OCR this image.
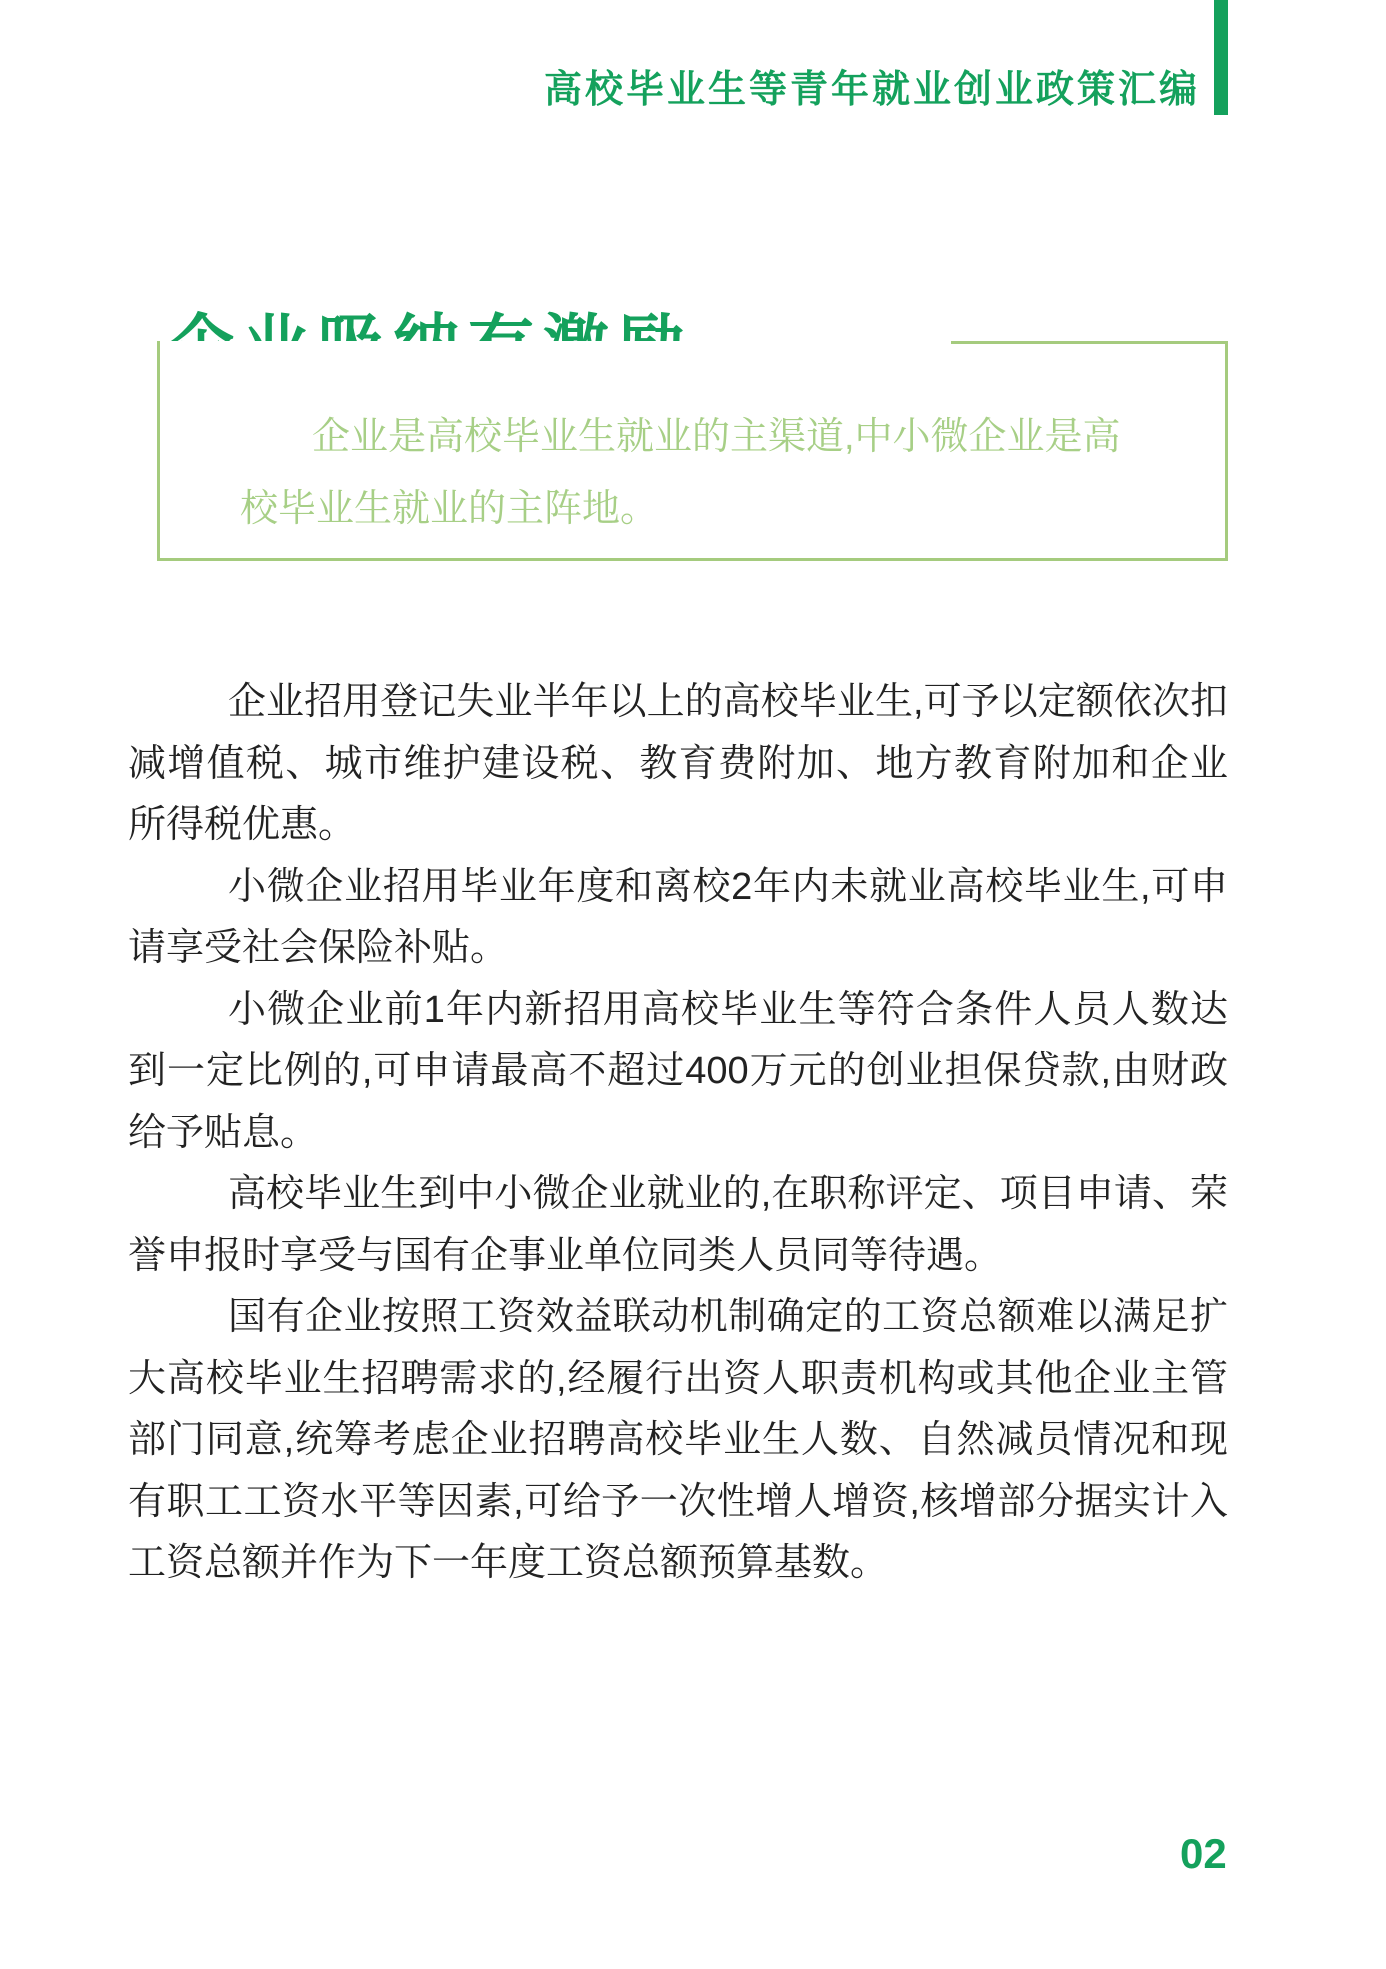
高校毕业生等青年就业创业政策汇编
企业是高校毕业生就业的主渠道,中小微企业是高
校毕业生就业的主阵地。

企业招用登记失业半年以上的高校毕业生,可予以定额依次扣减增值税、城市维护建设税、教育费附加、地方教育附加和企业所得税优惠。

小微企业招用毕业年度和离校2年内未就业高校毕业生,可申请享受社会保险补贴。

小微企业前1年内新招用高校毕业生等符合条件人员人数达到一定比例的,可申请最高不超过400万元的创业担保贷款,由财政给予贴息。

高校毕业生到中小微企业就业的,在职称评定、项目申请、荣誉申报时享受与国有企事业单位同类人员同等待遇。

国有企业按照工资效益联动机制确定的工资总额难以满足扩大高校毕业生招聘需求的,经履行出资人职责机构或其他企业主管部门同意,统筹考虑企业招聘高校毕业生人数、自然减员情况和现有职工工资水平等因素,可给予一次性增人增资,核增部分据实计入工资总额并作为下一年度工资总额预算基数。

02
